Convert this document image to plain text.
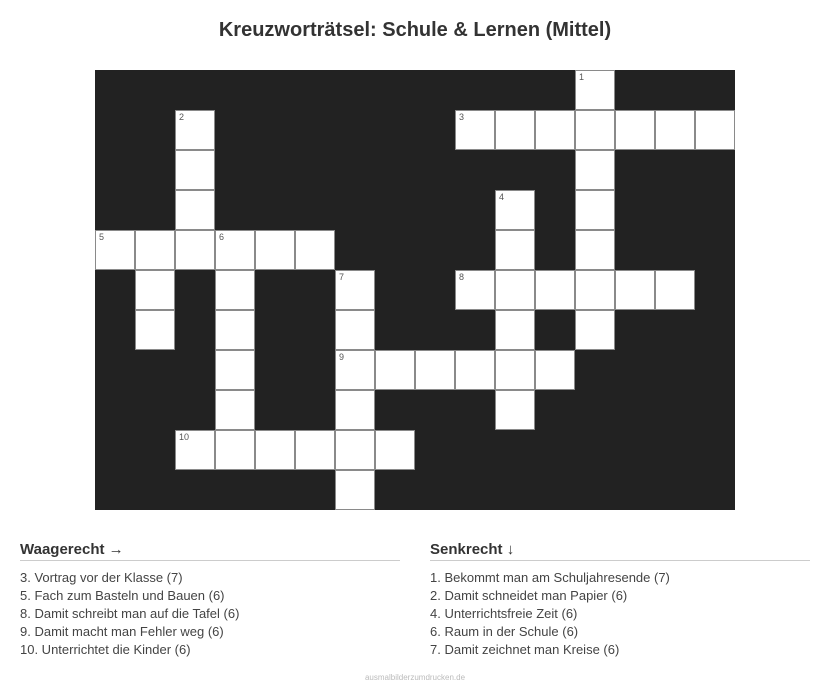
Kreuzworträtsel: Schule & Lernen (Mittel)
1
2	3
4
5	6
7	8
9
10
Waagerecht →
3. Vortrag vor der Klasse (7)
5. Fach zum Basteln und Bauen (6)
8. Damit schreibt man auf die Tafel (6)
9. Damit macht man Fehler weg (6)
10. Unterrichtet die Kinder (6)
Senkrecht ↓
1. Bekommt man am Schuljahresende (7)
2. Damit schneidet man Papier (6)
4. Unterrichtsfreie Zeit (6)
6. Raum in der Schule (6)
7. Damit zeichnet man Kreise (6)
ausmalbilderzumdrucken.de
